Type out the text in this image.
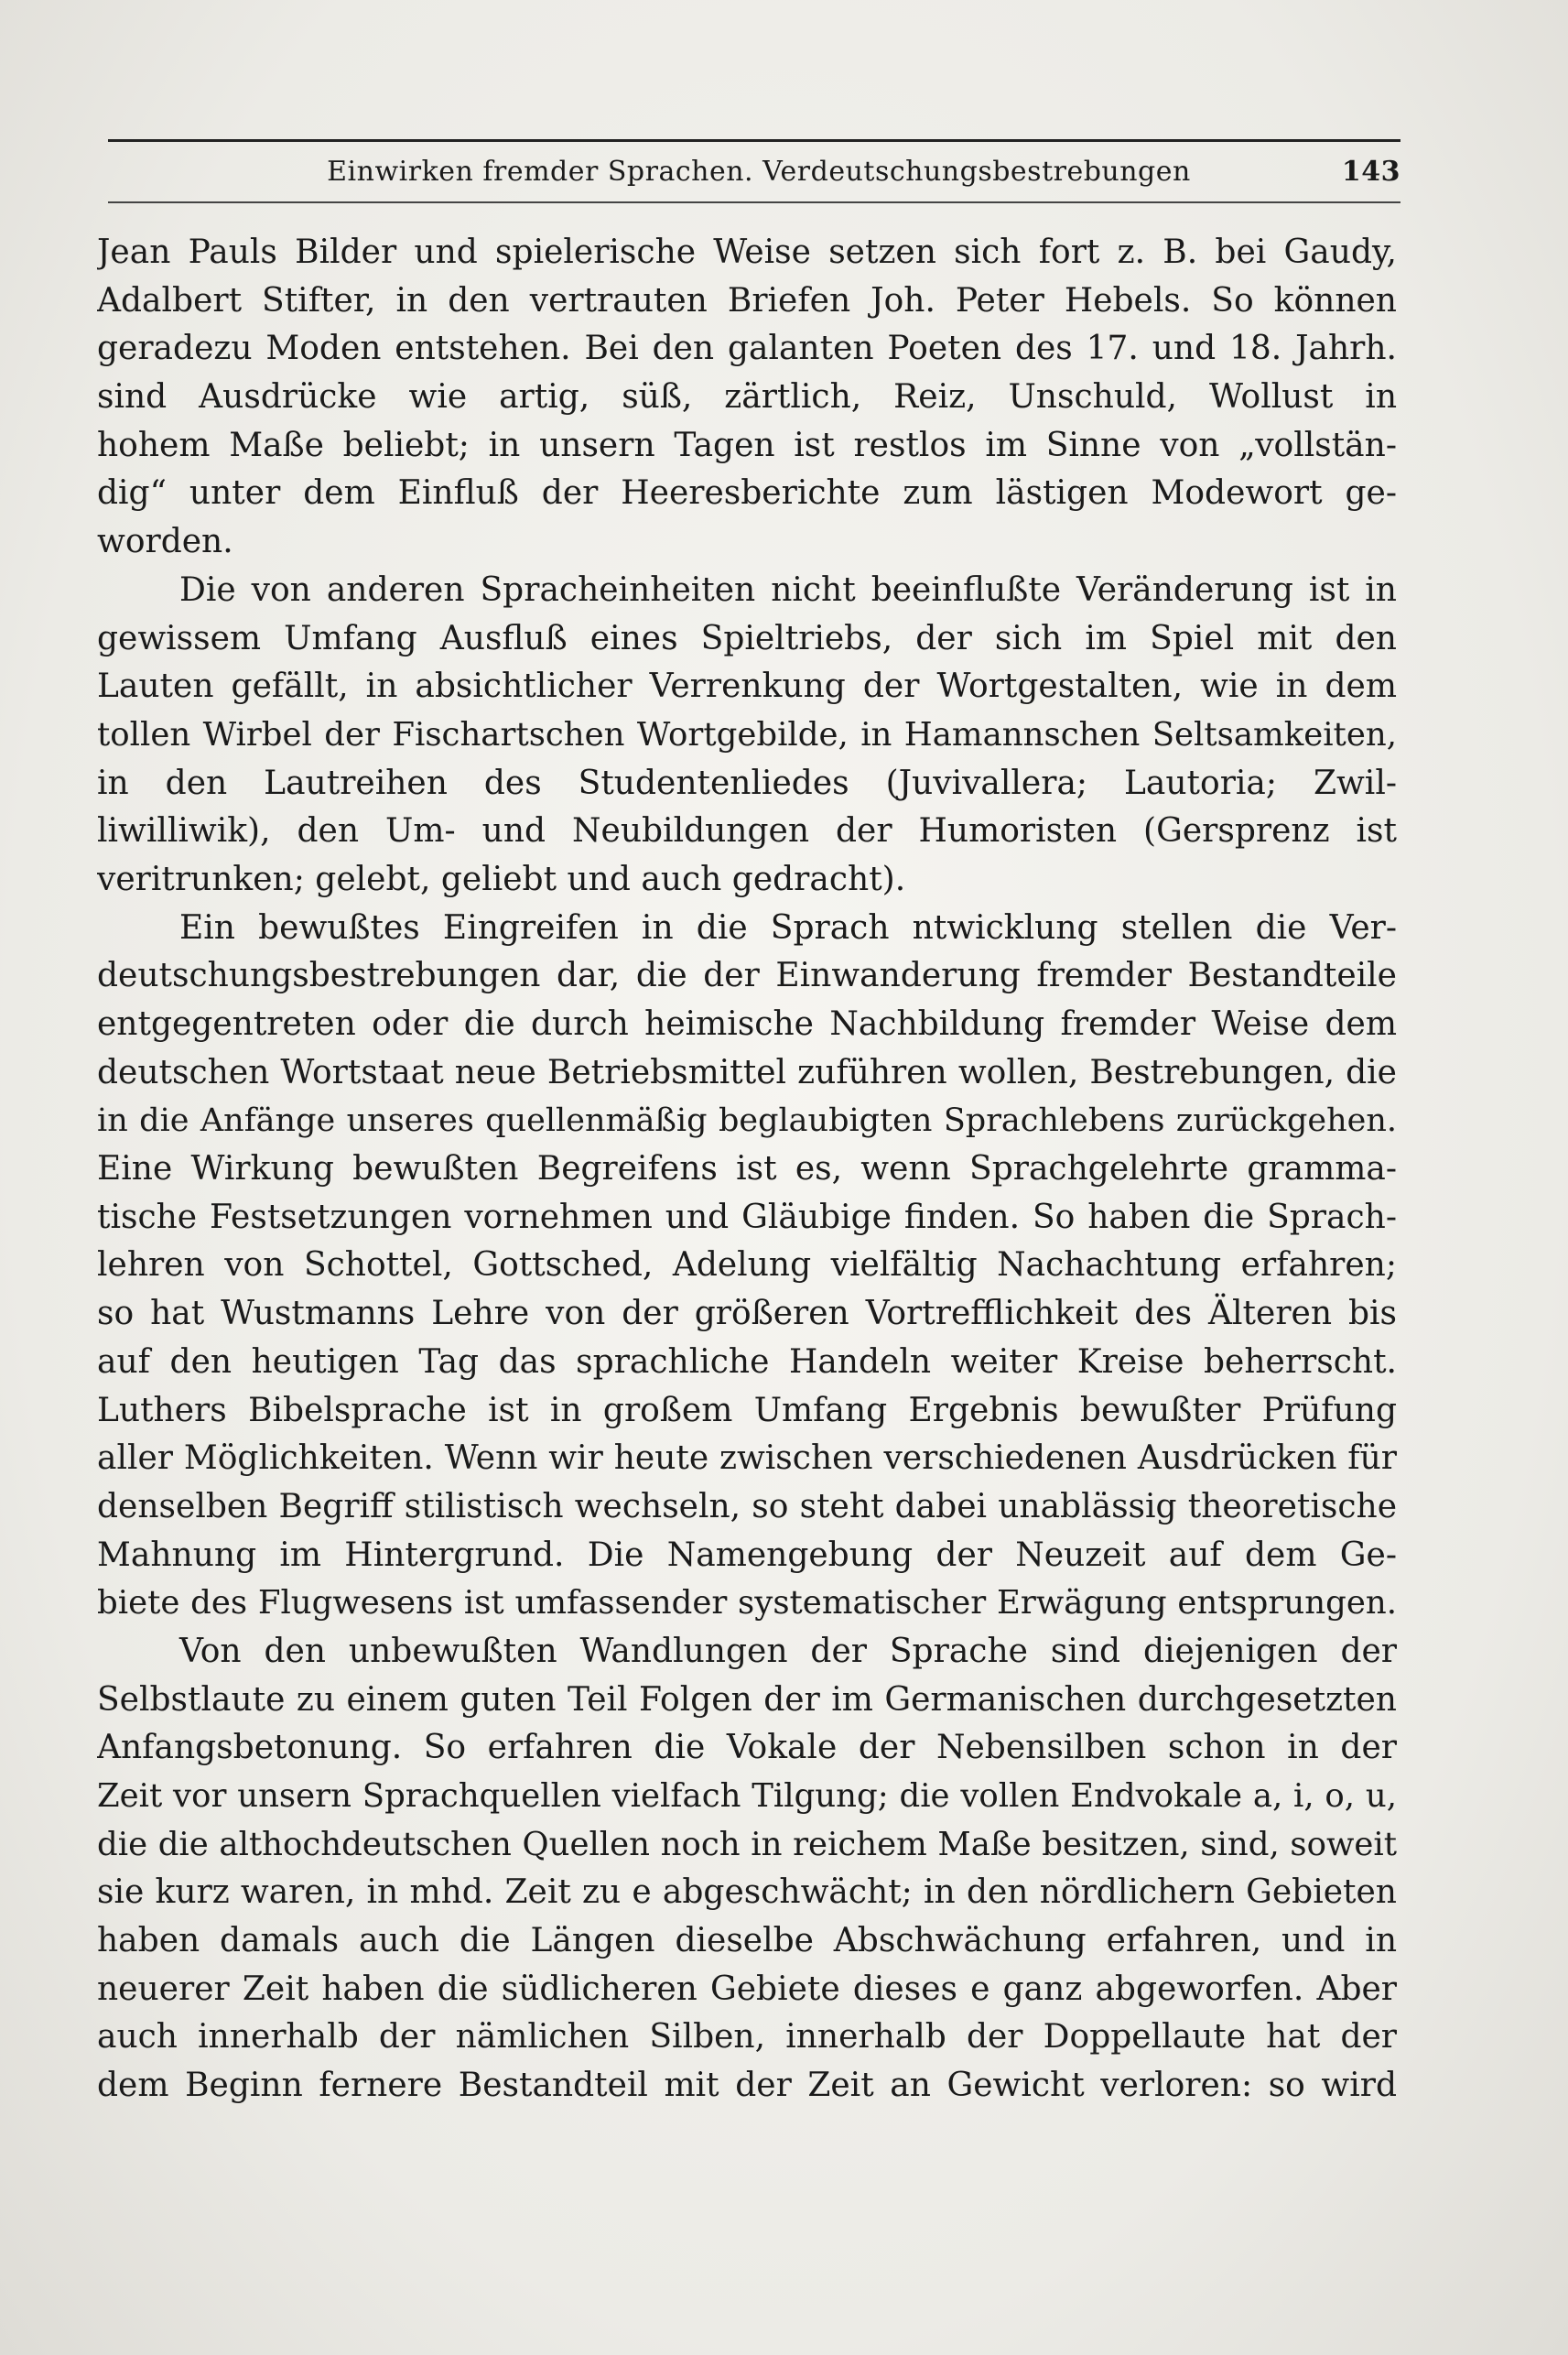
Einwirken fremder Sprachen. Verdeutschungsbestrebungen	143

Jean Pauls Bilder und spielerische Weise setzen sich fort z. B. bei Gaudy,
Adalbert Stifter, in den vertrauten Briefen Joh. Peter Hebels. So können
geradezu Moden entstehen. Bei den galanten Poeten des 17. und 18. Jahrh.
sind Ausdrücke wie artig, süß, zärtlich, Reiz, Unschuld, Wollust in
hohem Maße beliebt; in unsern Tagen ist restlos im Sinne von „vollstän-
dig“ unter dem Einfluß der Heeresberichte zum lästigen Modewort ge-
worden.

Die von anderen Spracheinheiten nicht beeinflußte Veränderung ist in
gewissem Umfang Ausfluß eines Spieltriebs, der sich im Spiel mit den
Lauten gefällt, in absichtlicher Verrenkung der Wortgestalten, wie in dem
tollen Wirbel der Fischartschen Wortgebilde, in Hamannschen Seltsamkeiten,
in den Lautreihen des Studentenliedes (Juvivallera; Lautoria; Zwil-
liwilliwik), den Um- und Neubildungen der Humoristen (Gersprenz ist
veritrunken; gelebt, geliebt und auch gedracht).

Ein bewußtes Eingreifen in die Sprach ntwicklung stellen die Ver-
deutschungsbestrebungen dar, die der Einwanderung fremder Bestandteile
entgegentreten oder die durch heimische Nachbildung fremder Weise dem
deutschen Wortstaat neue Betriebsmittel zuführen wollen, Bestrebungen, die
in die Anfänge unseres quellenmäßig beglaubigten Sprachlebens zurückgehen.
Eine Wirkung bewußten Begreifens ist es, wenn Sprachgelehrte gramma-
tische Festsetzungen vornehmen und Gläubige finden. So haben die Sprach-
lehren von Schottel, Gottsched, Adelung vielfältig Nachachtung erfahren;
so hat Wustmanns Lehre von der größeren Vortrefflichkeit des Älteren bis
auf den heutigen Tag das sprachliche Handeln weiter Kreise beherrscht.
Luthers Bibelsprache ist in großem Umfang Ergebnis bewußter Prüfung
aller Möglichkeiten. Wenn wir heute zwischen verschiedenen Ausdrücken für
denselben Begriff stilistisch wechseln, so steht dabei unablässig theoretische
Mahnung im Hintergrund. Die Namengebung der Neuzeit auf dem Ge-
biete des Flugwesens ist umfassender systematischer Erwägung entsprungen.

Von den unbewußten Wandlungen der Sprache sind diejenigen der
Selbstlaute zu einem guten Teil Folgen der im Germanischen durchgesetzten
Anfangsbetonung. So erfahren die Vokale der Nebensilben schon in der
Zeit vor unsern Sprachquellen vielfach Tilgung; die vollen Endvokale a, i, o, u,
die die althochdeutschen Quellen noch in reichem Maße besitzen, sind, soweit
sie kurz waren, in mhd. Zeit zu e abgeschwächt; in den nördlichern Gebieten
haben damals auch die Längen dieselbe Abschwächung erfahren, und in
neuerer Zeit haben die südlicheren Gebiete dieses e ganz abgeworfen. Aber
auch innerhalb der nämlichen Silben, innerhalb der Doppellaute hat der
dem Beginn fernere Bestandteil mit der Zeit an Gewicht verloren: so wird
